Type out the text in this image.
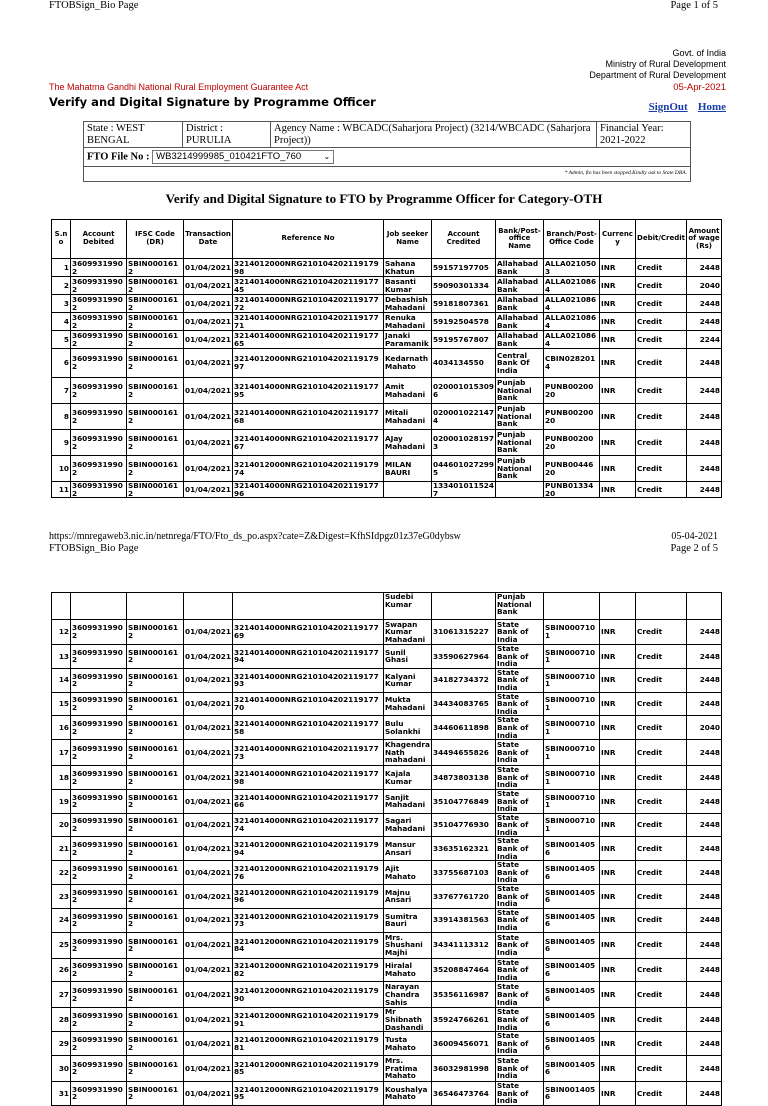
FTOBSign_Bio Page	Page 1 of 5
Govt. of India
Ministry of Rural Development
Department of Rural Development
The Mahatma Gandhi National Rural Employment Guarantee Act	05-Apr-2021
Verify and Digital Signature by Programme Officer	SignOut Home
State : WEST BENGAL	District : PURULIA	Agency Name : WBCADC(Saharjora Project) (3214/WBCADC (Saharjora Project))	Financial Year: 2021-2022
FTO File No : WB3214999985_010421FTO_760	⌄

* Admin, fto has been stopped.Kindly ask to State DBA.
Verify and Digital Signature to FTO by Programme Officer for Category-OTH
S.no	Account Debited	IFSC Code (DR)	Transaction Date	Reference No	Job seeker Name	Account Credited	Bank/Post-office Name	Branch/Post-Office Code	Currency	Debit/Credit	Amount of wage (Rs)
1	36099319902	SBIN0001612	01/04/2021	3214012000NRG21010420211917998	Sahana Khatun	59157197705	Allahabad Bank	ALLA0210503	INR	Credit	2448
2	36099319902	SBIN0001612	01/04/2021	3214014000NRG21010420211917745	Basanti Kumar	59090301334	Allahabad Bank	ALLA0210864	INR	Credit	2040
3	36099319902	SBIN0001612	01/04/2021	3214014000NRG21010420211917772	Debashish Mahadani	59181807361	Allahabad Bank	ALLA0210864	INR	Credit	2448
4	36099319902	SBIN0001612	01/04/2021	3214014000NRG21010420211917771	Renuka Mahadani	59192504578	Allahabad Bank	ALLA0210864	INR	Credit	2448
5	36099319902	SBIN0001612	01/04/2021	3214014000NRG21010420211917765	Janaki Paramanik	59195767807	Allahabad Bank	ALLA0210864	INR	Credit	2244
6	36099319902	SBIN0001612	01/04/2021	3214012000NRG21010420211917997	Kedarnath Mahato	4034134550	Central Bank Of India	CBIN0282014	INR	Credit	2448
7	36099319902	SBIN0001612	01/04/2021	3214014000NRG21010420211917795	Amit Mahadani	0200010153096	Punjab National Bank	PUNB0020020	INR	Credit	2448
8	36099319902	SBIN0001612	01/04/2021	3214014000NRG21010420211917768	Mitali Mahadani	0200010221474	Punjab National Bank	PUNB0020020	INR	Credit	2448
9	36099319902	SBIN0001612	01/04/2021	3214014000NRG21010420211917767	AJay Mahadani	0200010281973	Punjab National Bank	PUNB0020020	INR	Credit	2448
10	36099319902	SBIN0001612	01/04/2021	3214012000NRG21010420211917974	MILAN BAURI	0446010272995	Punjab National Bank	PUNB0044620	INR	Credit	2448
11	36099319902	SBIN0001612	01/04/2021	3214014000NRG21010420211917796		1334010115247		PUNB0133420	INR	Credit	2448
https://mnregaweb3.nic.in/netnrega/FTO/Fto_ds_po.aspx?cate=Z&Digest=KfhSIdpgz01z37eG0dybsw	05-04-2021
FTOBSign_Bio Page	Page 2 of 5
					Sudebi Kumar		Punjab National Bank				
12	36099319902	SBIN0001612	01/04/2021	3214014000NRG21010420211917769	Swapan Kumar Mahadani	31061315227	State Bank of India	SBIN0007101	INR	Credit	2448
13	36099319902	SBIN0001612	01/04/2021	3214014000NRG21010420211917794	Sunil Ghasi	33590627964	State Bank of India	SBIN0007101	INR	Credit	2448
14	36099319902	SBIN0001612	01/04/2021	3214014000NRG21010420211917793	Kalyani Kumar	34182734372	State Bank of India	SBIN0007101	INR	Credit	2448
15	36099319902	SBIN0001612	01/04/2021	3214014000NRG21010420211917770	Mukta Mahadani	34434083765	State Bank of India	SBIN0007101	INR	Credit	2448
16	36099319902	SBIN0001612	01/04/2021	3214014000NRG21010420211917758	Bulu Solankhi	34460611898	State Bank of India	SBIN0007101	INR	Credit	2040
17	36099319902	SBIN0001612	01/04/2021	3214014000NRG21010420211917773	Khagendra Nath mahadani	34494655826	State Bank of India	SBIN0007101	INR	Credit	2448
18	36099319902	SBIN0001612	01/04/2021	3214014000NRG21010420211917798	Kajala Kumar	34873803138	State Bank of India	SBIN0007101	INR	Credit	2448
19	36099319902	SBIN0001612	01/04/2021	3214014000NRG21010420211917766	Sanjit Mahadani	35104776849	State Bank of India	SBIN0007101	INR	Credit	2448
20	36099319902	SBIN0001612	01/04/2021	3214014000NRG21010420211917774	Sagari Mahadani	35104776930	State Bank of India	SBIN0007101	INR	Credit	2448
21	36099319902	SBIN0001612	01/04/2021	3214012000NRG21010420211917994	Mansur Ansari	33635162321	State Bank of India	SBIN0014056	INR	Credit	2448
22	36099319902	SBIN0001612	01/04/2021	3214012000NRG21010420211917976	Ajit Mahato	33755687103	State Bank of India	SBIN0014056	INR	Credit	2448
23	36099319902	SBIN0001612	01/04/2021	3214012000NRG21010420211917996	Majnu Ansari	33767761720	State Bank of India	SBIN0014056	INR	Credit	2448
24	36099319902	SBIN0001612	01/04/2021	3214012000NRG21010420211917973	Sumitra Bauri	33914381563	State Bank of India	SBIN0014056	INR	Credit	2448
25	36099319902	SBIN0001612	01/04/2021	3214012000NRG21010420211917984	Mrs. Shushani Majhi	34341113312	State Bank of India	SBIN0014056	INR	Credit	2448
26	36099319902	SBIN0001612	01/04/2021	3214012000NRG21010420211917982	Hiralal Mahato	35208847464	State Bank of India	SBIN0014056	INR	Credit	2448
27	36099319902	SBIN0001612	01/04/2021	3214012000NRG21010420211917990	Narayan Chandra Sahis	35356116987	State Bank of India	SBIN0014056	INR	Credit	2448
28	36099319902	SBIN0001612	01/04/2021	3214012000NRG21010420211917991	Mr Shibnath Dashandi	35924766261	State Bank of India	SBIN0014056	INR	Credit	2448
29	36099319902	SBIN0001612	01/04/2021	3214012000NRG21010420211917981	Tusta Mahato	36009456071	State Bank of India	SBIN0014056	INR	Credit	2448
30	36099319902	SBIN0001612	01/04/2021	3214012000NRG21010420211917985	Mrs. Pratima Mahato	36032981998	State Bank of India	SBIN0014056	INR	Credit	2448
31	36099319902	SBIN0001612	01/04/2021	3214012000NRG21010420211917995	Koushalya Mahato	36546473764	State Bank of India	SBIN0014056	INR	Credit	2448
